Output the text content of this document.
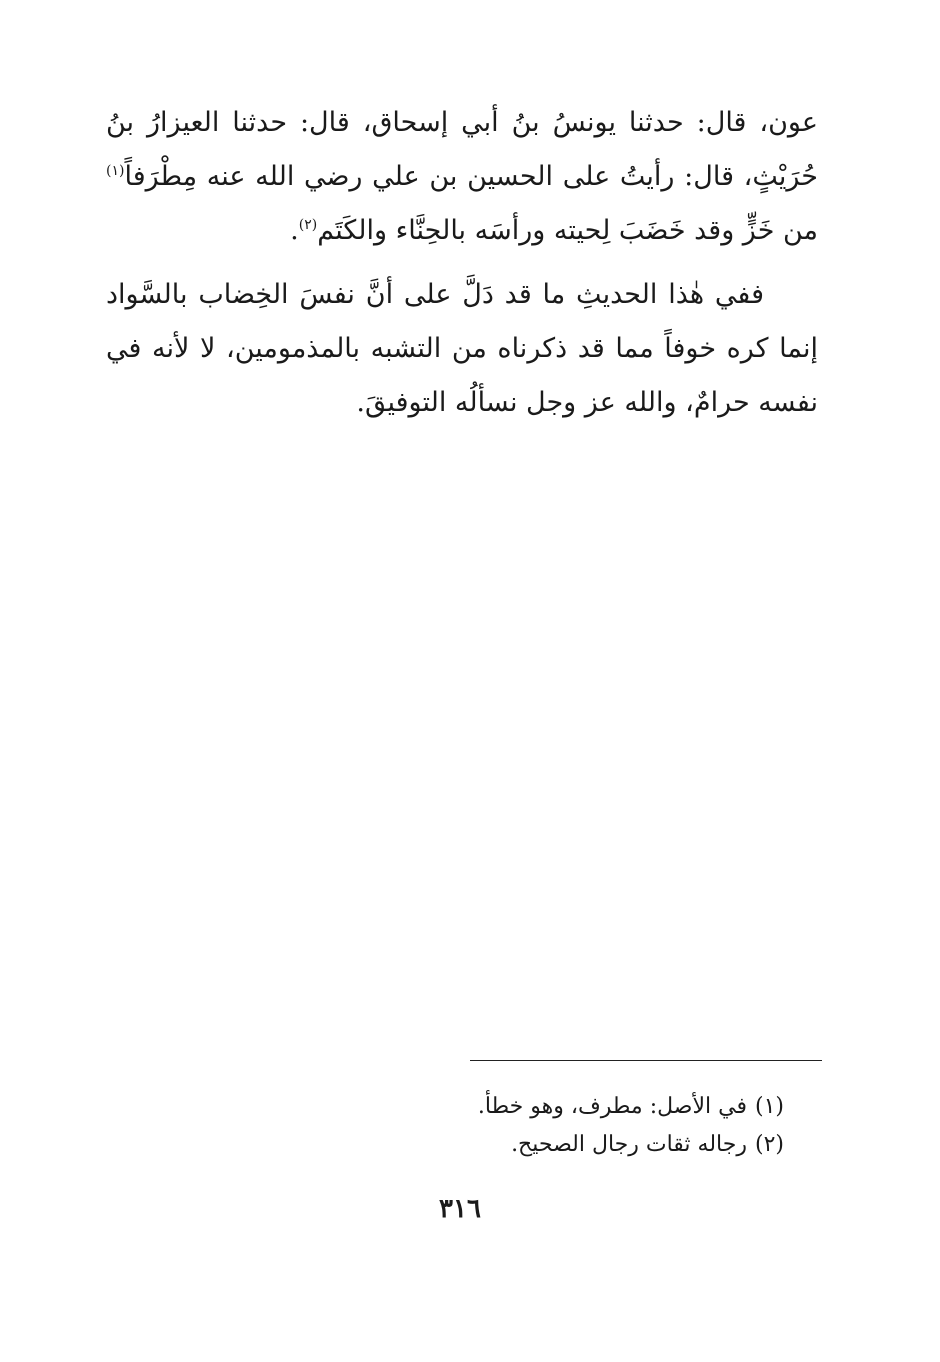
عون، قال: حدثنا يونسُ بنُ أبي إسحاق، قال: حدثنا العيزارُ بنُ حُرَيْثٍ، قال: رأيتُ على الحسين بن علي رضي الله عنه مِطْرَفاً$^{(١)}$ من خَزٍّ وقد خَضَبَ لِحيته ورأسَه بالحِنَّاء والكَتَم$^{(٢)}$.

ففي هٰذا الحديثِ ما قد دَلَّ على أنَّ نفسَ الخِضاب بالسَّواد إنما كره خوفاً مما قد ذكرناه من التشبه بالمذمومين، لا لأنه في نفسه حرامٌ، والله عز وجل نسألُه التوفيقَ.

(١)في الأصل: مطرف، وهو خطأ.
(٢)رجاله ثقات رجال الصحيح.
٣١٦
